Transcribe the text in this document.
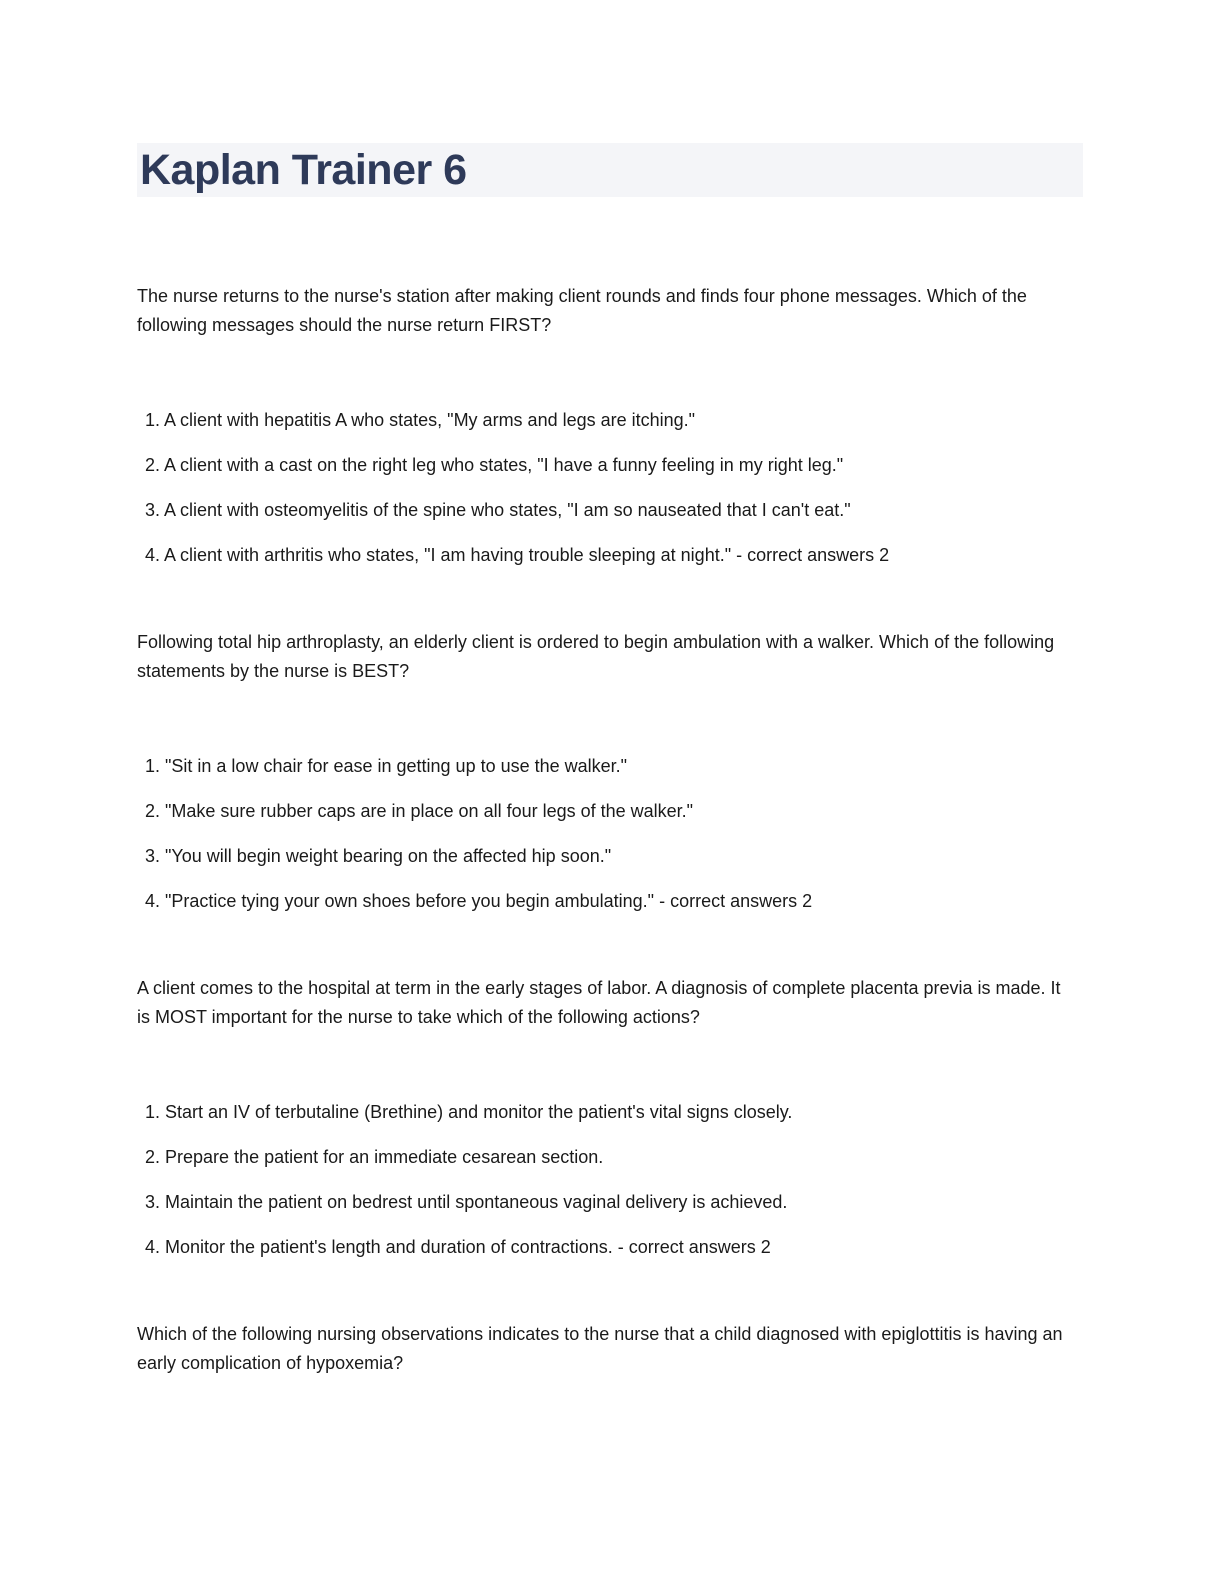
Kaplan Trainer 6

The nurse returns to the nurse's station after making client rounds and finds four phone messages. Which of the following messages should the nurse return FIRST?

1. A client with hepatitis A who states, "My arms and legs are itching."

2. A client with a cast on the right leg who states, "I have a funny feeling in my right leg."

3. A client with osteomyelitis of the spine who states, "I am so nauseated that I can't eat."

4. A client with arthritis who states, "I am having trouble sleeping at night." - correct answers 2

Following total hip arthroplasty, an elderly client is ordered to begin ambulation with a walker. Which of the following statements by the nurse is BEST?

1. "Sit in a low chair for ease in getting up to use the walker."

2. "Make sure rubber caps are in place on all four legs of the walker."

3. "You will begin weight bearing on the affected hip soon."

4. "Practice tying your own shoes before you begin ambulating." - correct answers 2

A client comes to the hospital at term in the early stages of labor. A diagnosis of complete placenta previa is made. It is MOST important for the nurse to take which of the following actions?

1. Start an IV of terbutaline (Brethine) and monitor the patient's vital signs closely.

2. Prepare the patient for an immediate cesarean section.

3. Maintain the patient on bedrest until spontaneous vaginal delivery is achieved.

4. Monitor the patient's length and duration of contractions. - correct answers 2

Which of the following nursing observations indicates to the nurse that a child diagnosed with epiglottitis is having an early complication of hypoxemia?
